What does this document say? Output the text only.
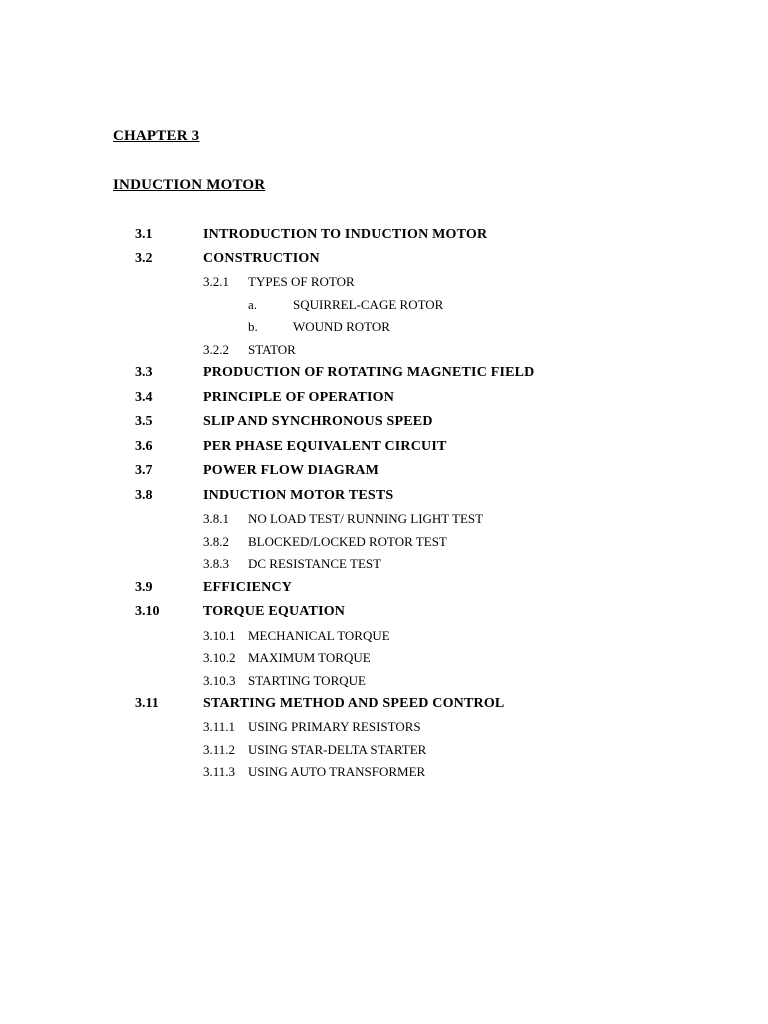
CHAPTER 3
INDUCTION MOTOR
3.1	INTRODUCTION TO INDUCTION MOTOR
3.2	CONSTRUCTION
3.2.1 TYPES OF ROTOR
a.	SQUIRREL-CAGE ROTOR
b.	WOUND ROTOR
3.2.2 STATOR
3.3	PRODUCTION OF ROTATING MAGNETIC FIELD
3.4	PRINCIPLE OF OPERATION
3.5	SLIP AND SYNCHRONOUS SPEED
3.6	PER PHASE EQUIVALENT CIRCUIT
3.7	POWER FLOW DIAGRAM
3.8	INDUCTION MOTOR TESTS
3.8.1 NO LOAD TEST/ RUNNING LIGHT TEST
3.8.2 BLOCKED/LOCKED ROTOR TEST
3.8.3 DC RESISTANCE TEST
3.9	EFFICIENCY
3.10	TORQUE EQUATION
3.10.1 MECHANICAL TORQUE
3.10.2 MAXIMUM TORQUE
3.10.3 STARTING TORQUE
3.11	STARTING METHOD AND SPEED CONTROL
3.11.1 USING PRIMARY RESISTORS
3.11.2 USING STAR-DELTA STARTER
3.11.3 USING AUTO TRANSFORMER
